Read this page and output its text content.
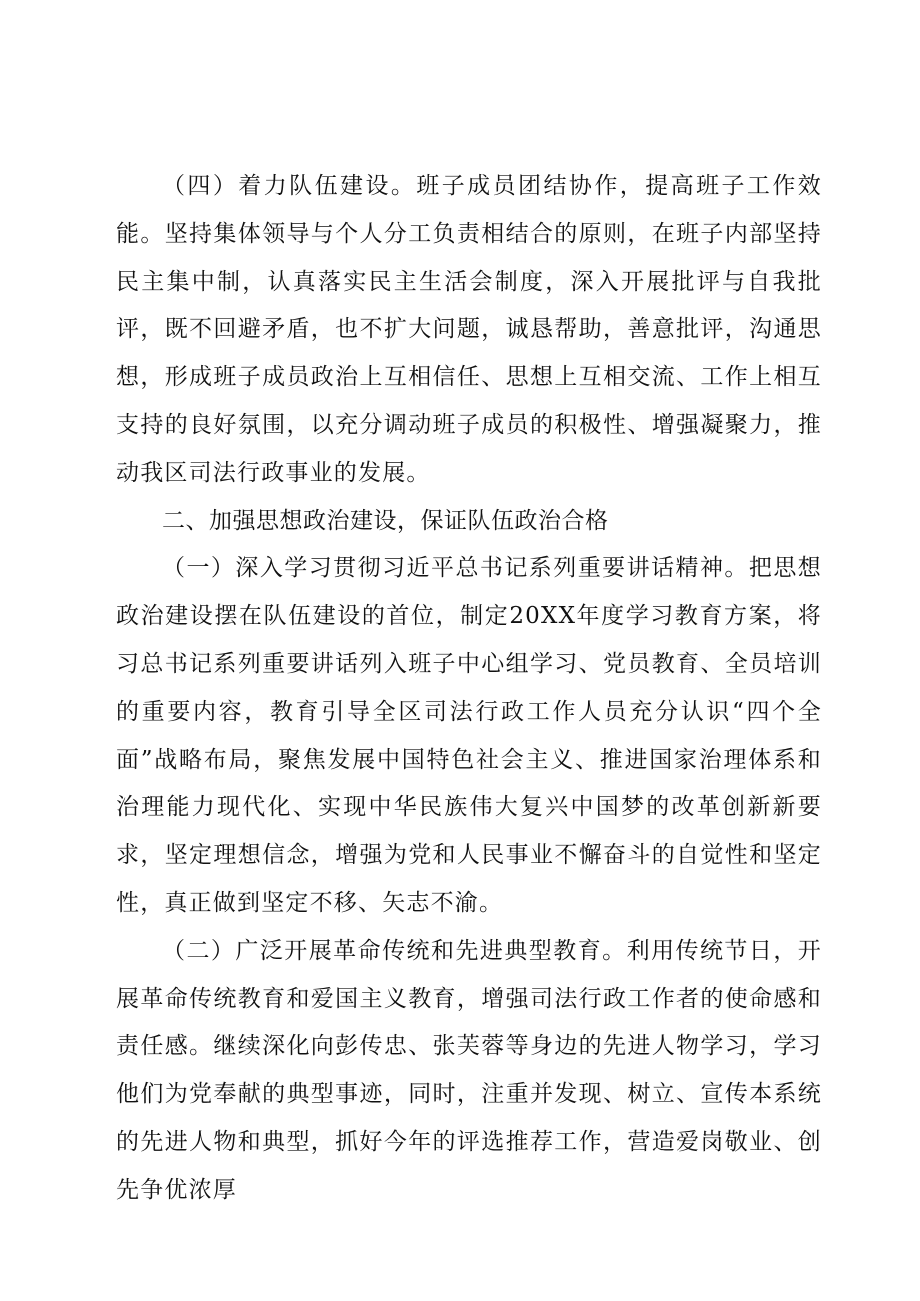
（四）着力队伍建设。班子成员团结协作，提高班子工作效能。坚持集体领导与个人分工负责相结合的原则，在班子内部坚持民主集中制，认真落实民主生活会制度，深入开展批评与自我批评，既不回避矛盾，也不扩大问题，诚恳帮助，善意批评，沟通思想，形成班子成员政治上互相信任、思想上互相交流、工作上相互支持的良好氛围，以充分调动班子成员的积极性、增强凝聚力，推动我区司法行政事业的发展。

二、加强思想政治建设，保证队伍政治合格

（一）深入学习贯彻习近平总书记系列重要讲话精神。把思想政治建设摆在队伍建设的首位，制定20XX年度学习教育方案，将习总书记系列重要讲话列入班子中心组学习、党员教育、全员培训的重要内容，教育引导全区司法行政工作人员充分认识“四个全面”战略布局，聚焦发展中国特色社会主义、推进国家治理体系和治理能力现代化、实现中华民族伟大复兴中国梦的改革创新新要求，坚定理想信念，增强为党和人民事业不懈奋斗的自觉性和坚定性，真正做到坚定不移、矢志不渝。

（二）广泛开展革命传统和先进典型教育。利用传统节日，开展革命传统教育和爱国主义教育，增强司法行政工作者的使命感和责任感。继续深化向彭传忠、张芙蓉等身边的先进人物学习，学习他们为党奉献的典型事迹，同时，注重并发现、树立、宣传本系统的先进人物和典型，抓好今年的评选推荐工作，营造爱岗敬业、创先争优浓厚
